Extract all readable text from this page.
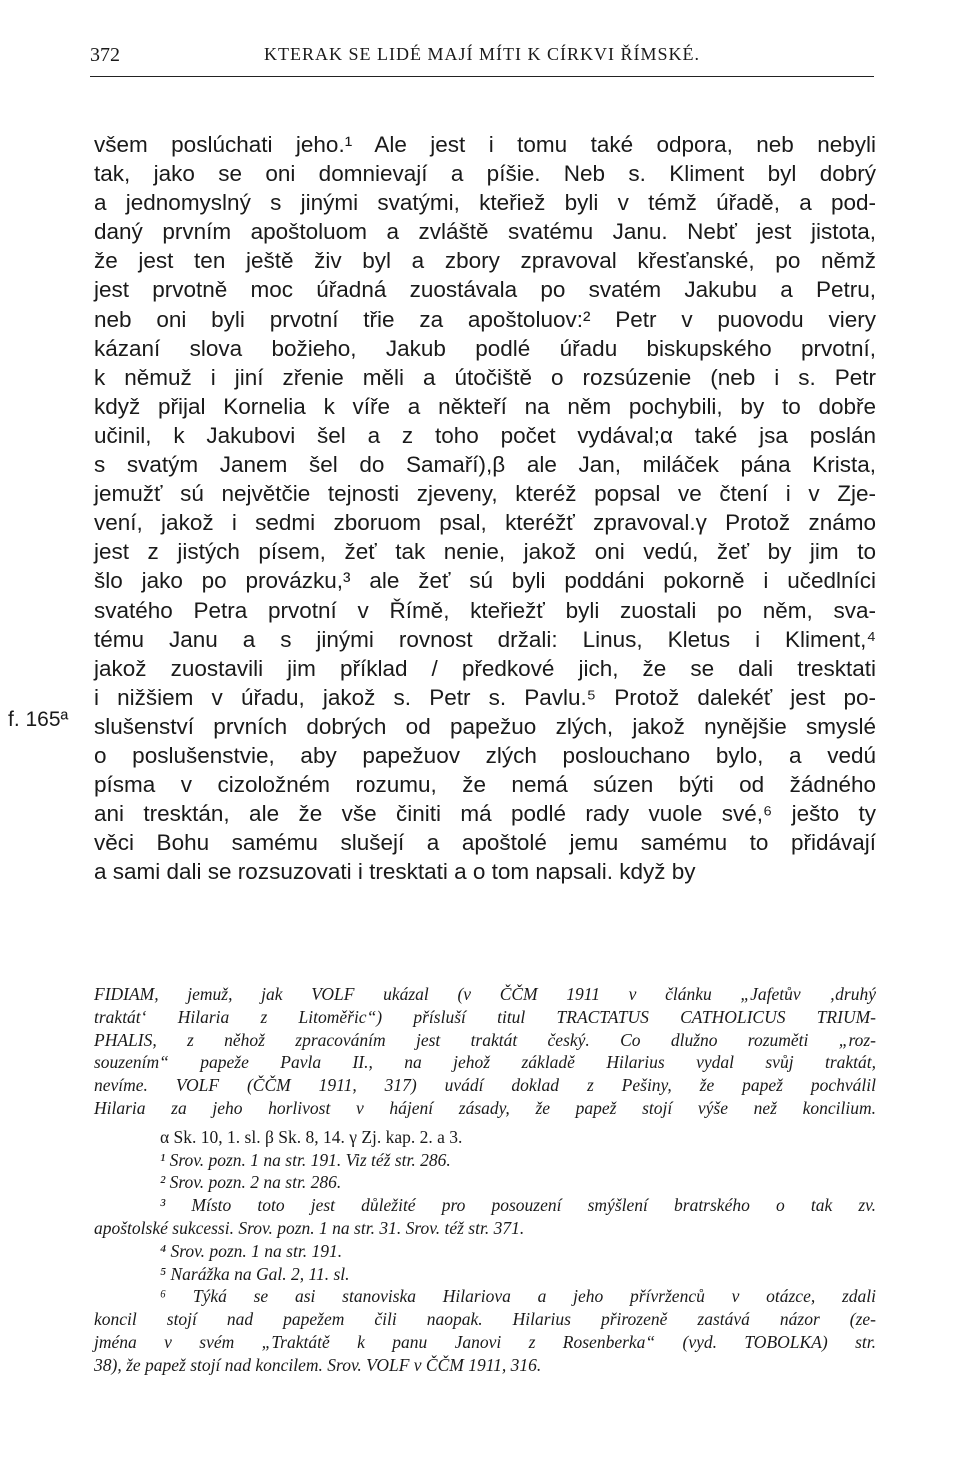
372	KTERAK SE LIDÉ MAJÍ MÍTI K CÍRKVI ŘÍMSKÉ.
f. 165ª
všem poslúchati jeho.¹ Ale jest i tomu také odpora, neb nebyli
tak, jako se oni domnievají a píšie. Neb s. Kliment byl dobrý
a jednomyslný s jinými svatými, kteřiež byli v témž úřadě, a pod-
daný prvním apoštoluom a zvláště svatému Janu. Nebť jest jistota,
že jest ten ještě živ byl a zbory zpravoval křesťanské, po němž
jest prvotně moc úřadná zuostávala po svatém Jakubu a Petru,
neb oni byli prvotní třie za apoštoluov:² Petr v puovodu viery
kázaní slova božieho, Jakub podlé úřadu biskupského prvotní,
k němuž i jiní zřenie měli a útočiště o rozsúzenie (neb i s. Petr
když přijal Kornelia k víře a někteří na něm pochybili, by to dobře
učinil, k Jakubovi šel a z toho počet vydával;α také jsa poslán
s svatým Janem šel do Samaří),β ale Jan, miláček pána Krista,
jemužť sú největčie tejnosti zjeveny, kteréž popsal ve čtení i v Zje-
vení, jakož i sedmi zboruom psal, kteréžť zpravoval.γ Protož známo
jest z jistých písem, žeť tak nenie, jakož oni vedú, žeť by jim to
šlo jako po provázku,³ ale žeť sú byli poddáni pokorně i učedlníci
svatého Petra prvotní v Římě, kteřiežť byli zuostali po něm, sva-
tému Janu a s jinými rovnost držali: Linus, Kletus i Kliment,⁴
jakož zuostavili jim příklad / předkové jich, že se dali tresktati
i nižšiem v úřadu, jakož s. Petr s. Pavlu.⁵ Protož dalekéť jest po-
slušenství prvních dobrých od papežuo zlých, jakož nynějšie smyslé
o poslušenstvie, aby papežuov zlých poslouchano bylo, a vedú
písma v cizoložném rozumu, že nemá súzen býti od žádného
ani tresktán, ale že vše činiti má podlé rady vuole své,⁶ ješto ty
věci Bohu samému slušejí a apoštolé jemu samému to přidávají
a sami dali se rozsuzovati i tresktati a o tom napsali. když by
FIDIAM, jemuž, jak VOLF ukázal (v ČČM 1911 v článku „Jafetův ‚druhý
traktát‘ Hilaria z Litoměřic“) přísluší titul TRACTATUS CATHOLICUS TRIUM-
PHALIS, z něhož zpracováním jest traktát český. Co dlužno rozuměti „roz-
souzením“ papeže Pavla II., na jehož základě Hilarius vydal svůj traktát,
nevíme. VOLF (ČČM 1911, 317) uvádí doklad z Pešiny, že papež pochválil
Hilaria za jeho horlivost v hájení zásady, že papež stojí výše než koncilium.
α Sk. 10, 1. sl. β Sk. 8, 14. γ Zj. kap. 2. a 3.
¹ Srov. pozn. 1 na str. 191. Viz též str. 286.
² Srov. pozn. 2 na str. 286.
³ Místo toto jest důležité pro posouzení smýšlení bratrského o tak zv.
apoštolské sukcessi. Srov. pozn. 1 na str. 31. Srov. též str. 371.
⁴ Srov. pozn. 1 na str. 191.
⁵ Narážka na Gal. 2, 11. sl.
⁶ Týká se asi stanoviska Hilariova a jeho přívrženců v otázce, zdali
koncil stojí nad papežem čili naopak. Hilarius přirozeně zastává názor (ze-
jména v svém „Traktátě k panu Janovi z Rosenberka“ (vyd. TOBOLKA) str.
38), že papež stojí nad koncilem. Srov. VOLF v ČČM 1911, 316.
